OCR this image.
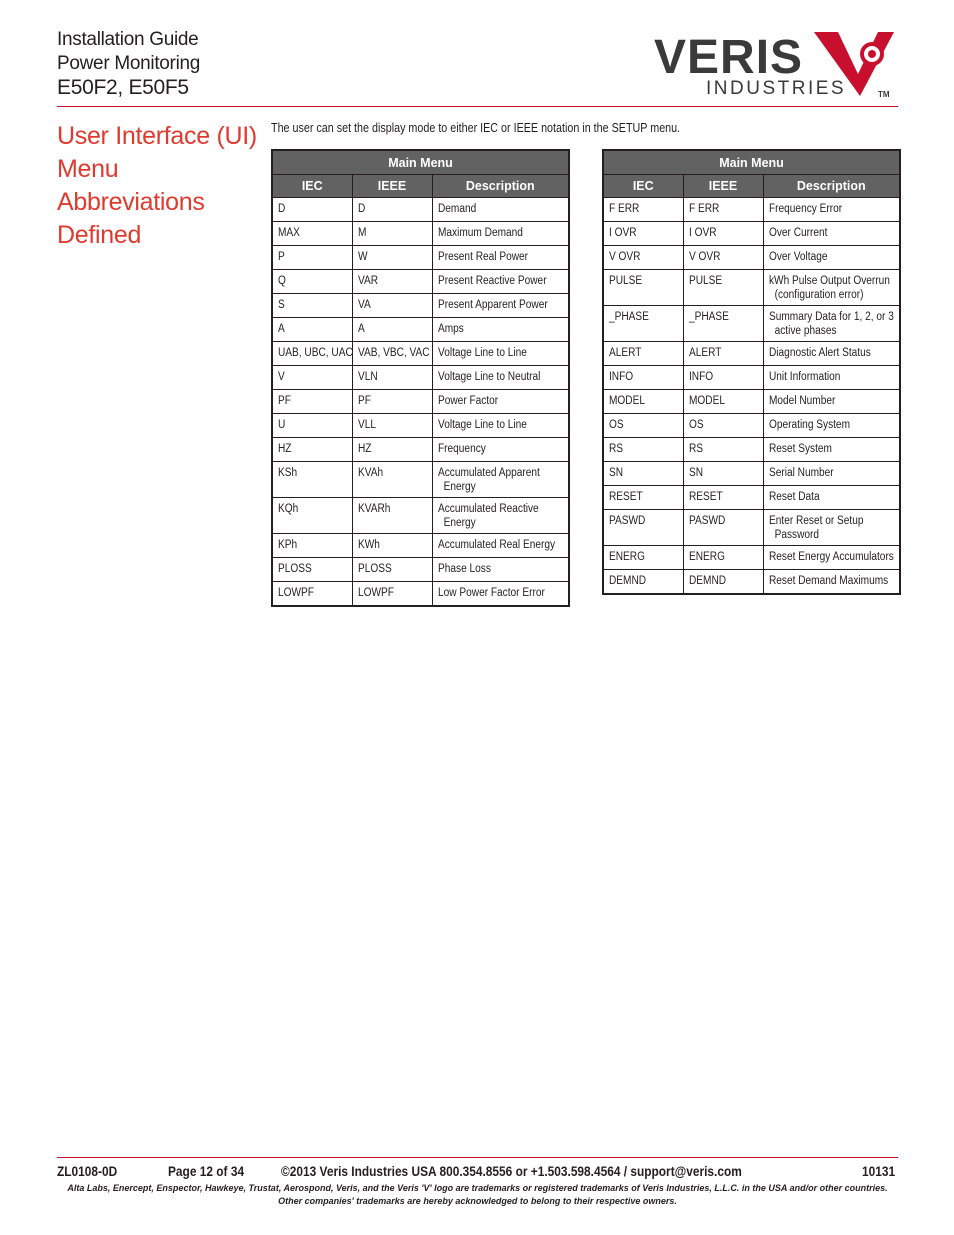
Installation Guide
Power Monitoring
E50F2, E50F5
VERIS
INDUSTRIES	TM
User Interface (UI)
Menu Abbreviations
Defined
The user can set the display mode to either IEC or IEEE notation in the SETUP menu.
Main Menu		
IEC	IEEE	Description
D	D	Demand
MAX	M	Maximum Demand
P	W	Present Real Power
Q	VAR	Present Reactive Power
S	VA	Present Apparent Power
A	A	Amps
UAB, UBC, UAC	VAB, VBC, VAC	Voltage Line to Line
V	VLN	Voltage Line to Neutral
PF	PF	Power Factor
U	VLL	Voltage Line to Line
HZ	HZ	Frequency
KSh	KVAh	Accumulated Apparent
Energy
KQh	KVARh	Accumulated Reactive
Energy
KPh	KWh	Accumulated Real Energy
PLOSS	PLOSS	Phase Loss
LOWPF	LOWPF	Low Power Factor Error
Main Menu		
IEC	IEEE	Description
F ERR	F ERR	Frequency Error
I OVR	I OVR	Over Current
V OVR	V OVR	Over Voltage
PULSE	PULSE	kWh Pulse Output Overrun
(configuration error)
_PHASE	_PHASE	Summary Data for 1, 2, or 3
active phases
ALERT	ALERT	Diagnostic Alert Status
INFO	INFO	Unit Information
MODEL	MODEL	Model Number
OS	OS	Operating System
RS	RS	Reset System
SN	SN	Serial Number
RESET	RESET	Reset Data
PASWD	PASWD	Enter Reset or Setup
Password
ENERG	ENERG	Reset Energy Accumulators
DEMND	DEMND	Reset Demand Maximums
ZL0108-0D	Page 12 of 34	©2013 Veris Industries USA 800.354.8556 or +1.503.598.4564 / support@veris.com	10131
Alta Labs, Enercept, Enspector, Hawkeye, Trustat, Aerospond, Veris, and the Veris 'V' logo are trademarks or registered trademarks of Veris Industries, L.L.C. in the USA and/or other countries.
Other companies' trademarks are hereby acknowledged to belong to their respective owners.
